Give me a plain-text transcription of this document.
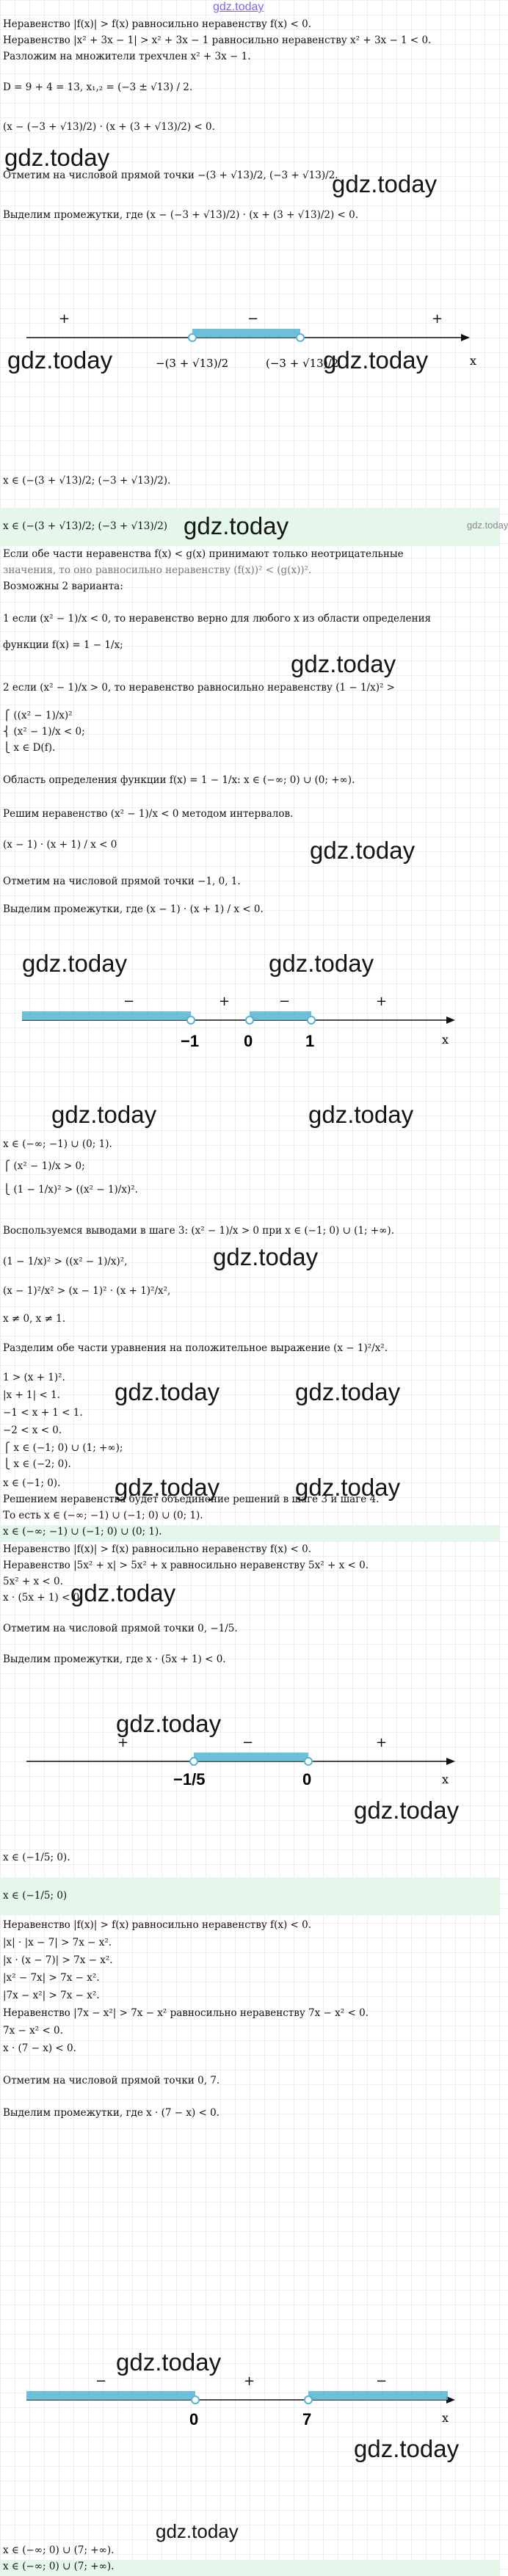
gdz.today
Неравенство |f(x)| > f(x) равносильно неравенству f(x) < 0.
Неравенство |x² + 3x − 1| > x² + 3x − 1 равносильно неравенству x² + 3x − 1 < 0.
Разложим на множители трехчлен x² + 3x − 1.
D = 9 + 4 = 13, x₁,₂ = (−3 ± √13) / 2.
(x − (−3 + √13)/2) · (x + (3 + √13)/2) < 0.
Отметим на числовой прямой точки −(3 + √13)/2, (−3 + √13)/2.
gdz.today
gdz.today
Выделим промежутки, где (x − (−3 + √13)/2) · (x + (3 + √13)/2) < 0.
+	−	+
x
−(3 + √13)/2	(−3 + √13)/2
gdz.today	gdz.today
x ∈ (−(3 + √13)/2; (−3 + √13)/2).
x ∈ (−(3 + √13)/2; (−3 + √13)/2) gdz.today	gdz.today
Если обе части неравенства f(x) < g(x) принимают только неотрицательные
значения, то оно равносильно неравенству (f(x))² < (g(x))².
Возможны 2 варианта:
1 если (x² − 1)/x < 0, то неравенство верно для любого x из области определения
функции f(x) = 1 − 1/x;
gdz.today
2 если (x² − 1)/x > 0, то неравенство равносильно неравенству (1 − 1/x)² >
⎧ ((x² − 1)/x)²
⎨ (x² − 1)/x < 0;
⎩ x ∈ D(f).
Область определения функции f(x) = 1 − 1/x: x ∈ (−∞; 0) ∪ (0; +∞).
Решим неравенство (x² − 1)/x < 0 методом интервалов.
gdz.today
(x − 1) · (x + 1) / x < 0
Отметим на числовой прямой точки −1, 0, 1.
Выделим промежутки, где (x − 1) · (x + 1) / x < 0.
−	+	−	+
x
−1	0	1
gdz.today	gdz.today
gdz.today	gdz.today
x ∈ (−∞; −1) ∪ (0; 1).
⎧ (x² − 1)/x > 0;
⎩ (1 − 1/x)² > ((x² − 1)/x)².
Воспользуемся выводами в шаге 3: (x² − 1)/x > 0 при x ∈ (−1; 0) ∪ (1; +∞).
gdz.today
(1 − 1/x)² > ((x² − 1)/x)²,
(x − 1)²/x² > (x − 1)² · (x + 1)²/x²,
x ≠ 0, x ≠ 1.
Разделим обе части уравнения на положительное выражение (x − 1)²/x².
1 > (x + 1)².
gdz.today	gdz.today
|x + 1| < 1.
−1 < x + 1 < 1.
−2 < x < 0.
⎧ x ∈ (−1; 0) ∪ (1; +∞);
⎩ x ∈ (−2; 0).
x ∈ (−1; 0). gdz.today	gdz.today
Решением неравенства будет объединение решений в шаге 3 и шаге 4.
То есть x ∈ (−∞; −1) ∪ (−1; 0) ∪ (0; 1).
x ∈ (−∞; −1) ∪ (−1; 0) ∪ (0; 1).
Неравенство |f(x)| > f(x) равносильно неравенству f(x) < 0.
Неравенство |5x² + x| > 5x² + x равносильно неравенству 5x² + x < 0.
5x² + x < 0. gdz.today
x · (5x + 1) < 0.
Отметим на числовой прямой точки 0, −1/5.
Выделим промежутки, где x · (5x + 1) < 0.
+	−	+
x
−1/5	0
gdz.today
gdz.today
x ∈ (−1/5; 0).
x ∈ (−1/5; 0)
Неравенство |f(x)| > f(x) равносильно неравенству f(x) < 0.
|x| · |x − 7| > 7x − x².
|x · (x − 7)| > 7x − x².
|x² − 7x| > 7x − x².
|7x − x²| > 7x − x².
Неравенство |7x − x²| > 7x − x² равносильно неравенству 7x − x² < 0.
7x − x² < 0.
x · (7 − x) < 0.
Отметим на числовой прямой точки 0, 7.
Выделим промежутки, где x · (7 − x) < 0.
−	+	−
x
0	7
gdz.today
gdz.today
gdz.today
x ∈ (−∞; 0) ∪ (7; +∞).
x ∈ (−∞; 0) ∪ (7; +∞).
